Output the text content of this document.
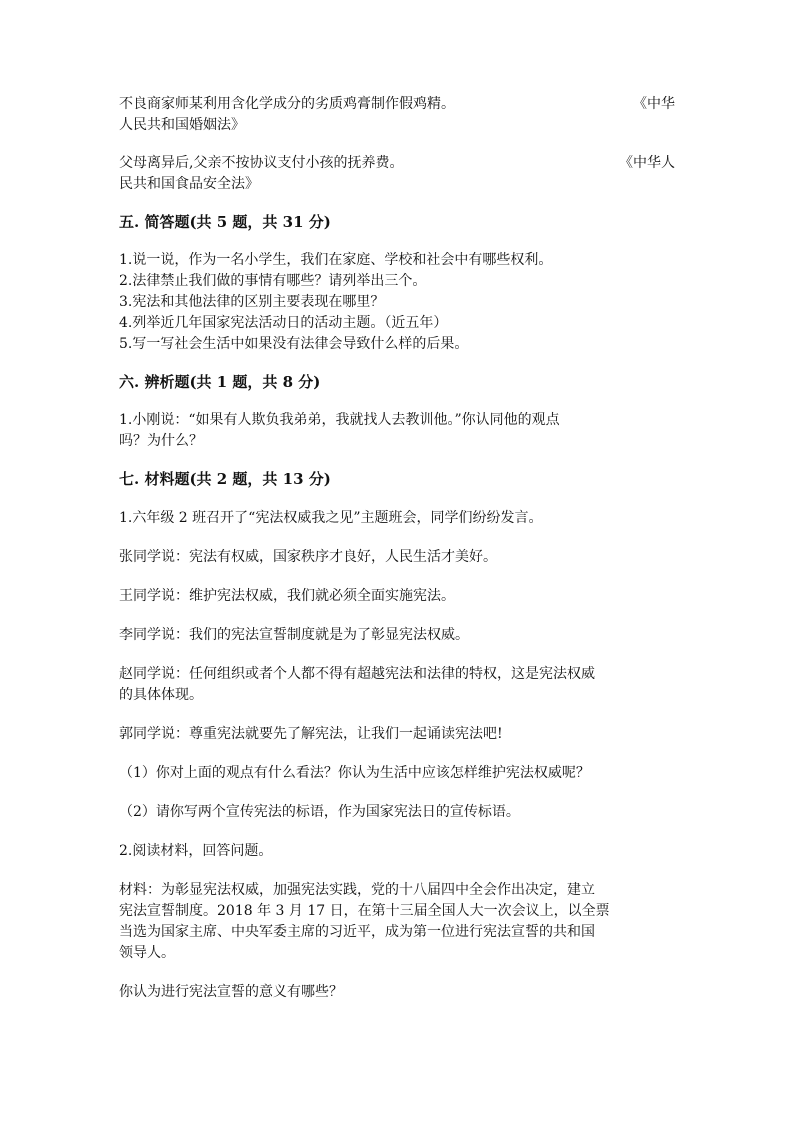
不良商家师某利用含化学成分的劣质鸡膏制作假鸡精。	《中华

人民共和国婚姻法》

父母离异后,父亲不按协议支付小孩的抚养费。	《中华人

民共和国食品安全法》

五. 简答题(共 5 题，共 31 分)

1.说一说，作为一名小学生，我们在家庭、学校和社会中有哪些权利。

2.法律禁止我们做的事情有哪些？请列举出三个。

3.宪法和其他法律的区别主要表现在哪里？

4.列举近几年国家宪法活动日的活动主题。（近五年）

5.写一写社会生活中如果没有法律会导致什么样的后果。

六. 辨析题(共 1 题，共 8 分)

1.小刚说：“如果有人欺负我弟弟，我就找人去教训他。”你认同他的观点

吗？为什么？

七. 材料题(共 2 题，共 13 分)

1.六年级 2 班召开了“宪法权威我之见”主题班会，同学们纷纷发言。

张同学说：宪法有权威，国家秩序才良好，人民生活才美好。

王同学说：维护宪法权威，我们就必须全面实施宪法。

李同学说：我们的宪法宣誓制度就是为了彰显宪法权威。

赵同学说：任何组织或者个人都不得有超越宪法和法律的特权，这是宪法权威

的具体体现。

郭同学说：尊重宪法就要先了解宪法，让我们一起诵读宪法吧!

（1）你对上面的观点有什么看法？你认为生活中应该怎样维护宪法权威呢？

（2）请你写两个宣传宪法的标语，作为国家宪法日的宣传标语。

2.阅读材料，回答问题。

材料：为彰显宪法权威，加强宪法实践，党的十八届四中全会作出决定，建立

宪法宣誓制度。2018 年 3 月 17 日，在第十三届全国人大一次会议上，以全票

当选为国家主席、中央军委主席的习近平，成为第一位进行宪法宣誓的共和国

领导人。

你认为进行宪法宣誓的意义有哪些？
